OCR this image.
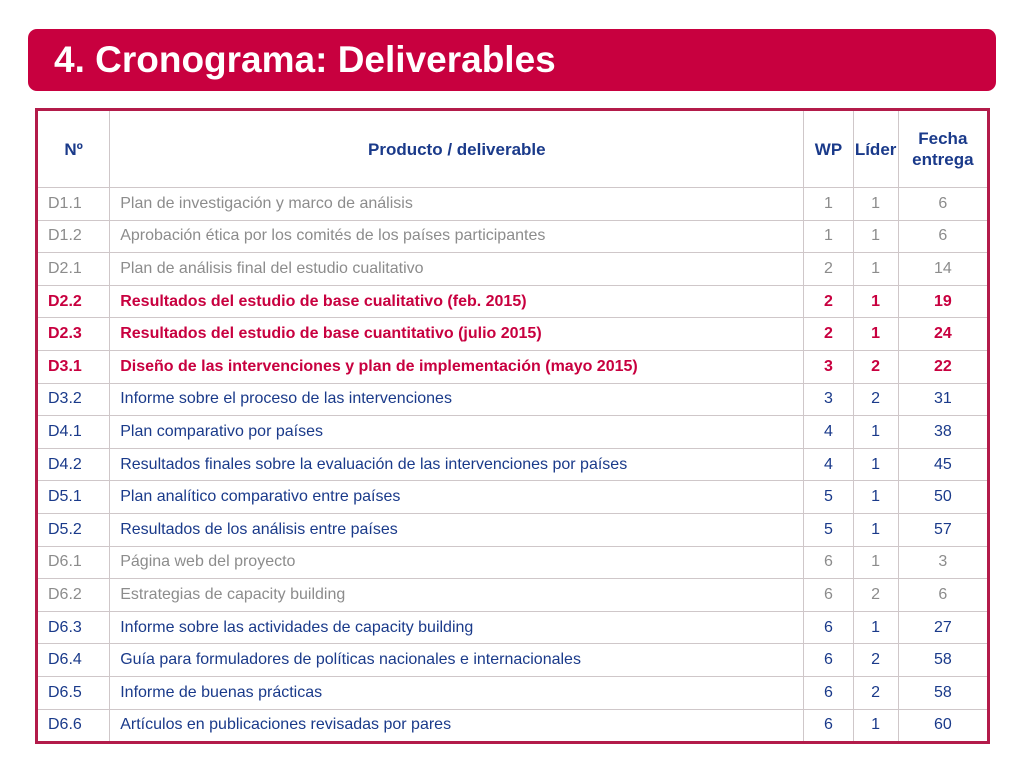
4. Cronograma: Deliverables
Nº	Producto / deliverable	WP	Líder	Fecha entrega
D1.1	Plan de investigación y marco de análisis	1	1	6
D1.2	Aprobación ética por los comités de los países participantes	1	1	6
D2.1	Plan de análisis final del estudio cualitativo	2	1	14
D2.2	Resultados del estudio de base cualitativo (feb. 2015)	2	1	19
D2.3	Resultados del estudio de base cuantitativo (julio 2015)	2	1	24
D3.1	Diseño de las intervenciones y plan de implementación (mayo 2015)	3	2	22
D3.2	Informe sobre el proceso de las intervenciones	3	2	31
D4.1	Plan comparativo por países	4	1	38
D4.2	Resultados finales sobre la evaluación de las intervenciones por países	4	1	45
D5.1	Plan analítico comparativo entre países	5	1	50
D5.2	Resultados de los análisis entre países	5	1	57
D6.1	Página web del proyecto	6	1	3
D6.2	Estrategias de capacity building	6	2	6
D6.3	Informe sobre las actividades de capacity building	6	1	27
D6.4	Guía para formuladores de políticas nacionales e internacionales	6	2	58
D6.5	Informe de buenas prácticas	6	2	58
D6.6	Artículos en publicaciones revisadas por pares	6	1	60
